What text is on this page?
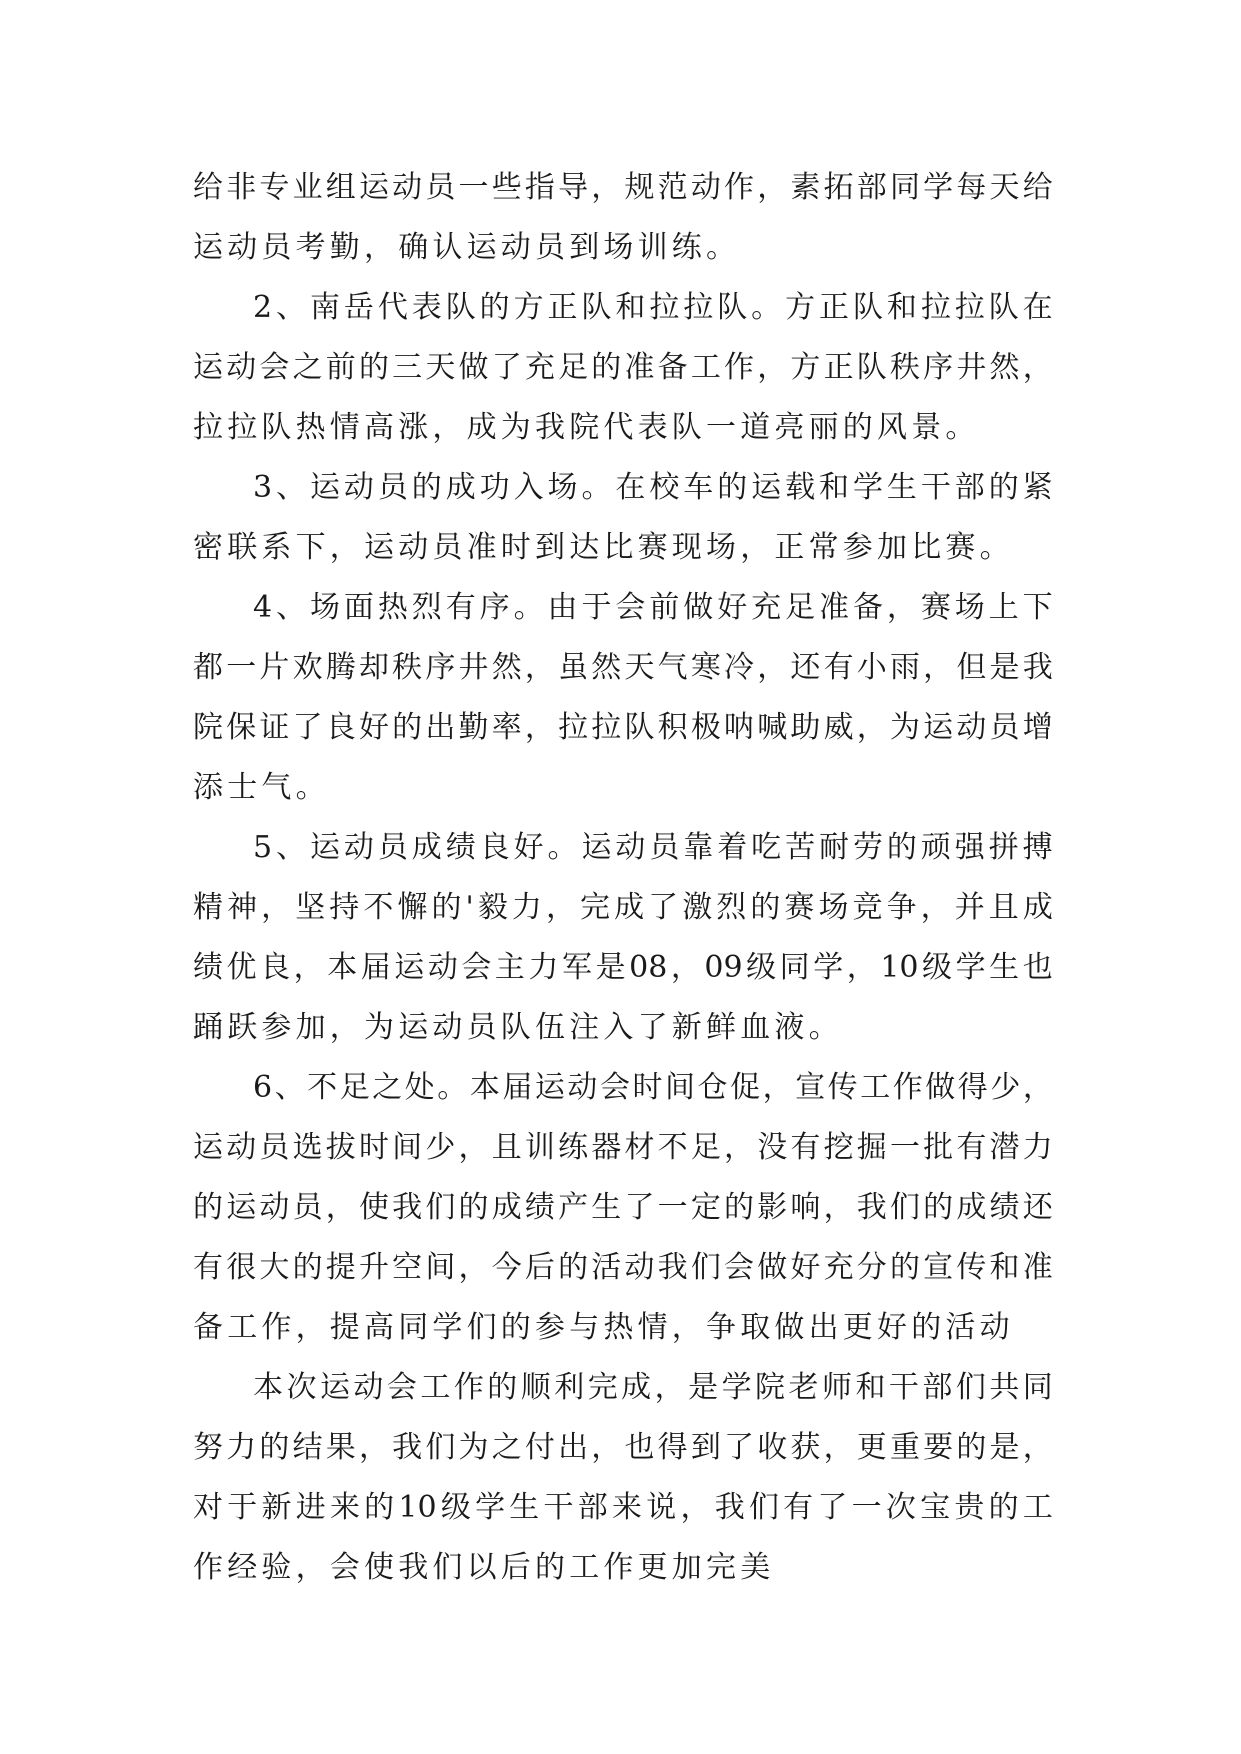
给 非 专 业 组 运 动 员 一 些 指 导 ， 规 范 动 作 ， 素 拓 部 同 学 每 天 给
运动员考勤，确认运动员到场训练。
2 、 南 岳 代 表 队 的 方 正 队 和 拉 拉 队 。 方 正 队 和 拉 拉 队 在
运 动 会 之 前 的 三 天 做 了 充 足 的 准 备 工 作 ， 方 正 队 秩 序 井 然 ，
拉拉队热情高涨，成为我院代表队一道亮丽的风景。
3 、 运 动 员 的 成 功 入 场 。 在 校 车 的 运 载 和 学 生 干 部 的 紧
密联系下，运动员准时到达比赛现场，正常参加比赛。
4 、 场 面 热 烈 有 序 。 由 于 会 前 做 好 充 足 准 备 ， 赛 场 上 下
都 一 片 欢 腾 却 秩 序 井 然 ， 虽 然 天 气 寒 冷 ， 还 有 小 雨 ， 但 是 我
院 保 证 了 良 好 的 出 勤 率 ， 拉 拉 队 积 极 呐 喊 助 威 ， 为 运 动 员 增
添士气。
5 、 运 动 员 成 绩 良 好 。 运 动 员 靠 着 吃 苦 耐 劳 的 顽 强 拼 搏
精 神 ， 坚 持 不 懈 的 ' 毅 力 ， 完 成 了 激 烈 的 赛 场 竞 争 ， 并 且 成
绩 优 良 ， 本 届 运 动 会 主 力 军 是 08 ， 09 级 同 学 ， 10 级 学 生 也
踊跃参加，为运动员队伍注入了新鲜血液。
6 、 不 足 之 处 。 本 届 运 动 会 时 间 仓 促 ， 宣 传 工 作 做 得 少 ，
运 动 员 选 拔 时 间 少 ， 且 训 练 器 材 不 足 ， 没 有 挖 掘 一 批 有 潜 力
的 运 动 员 ， 使 我 们 的 成 绩 产 生 了 一 定 的 影 响 ， 我 们 的 成 绩 还
有 很 大 的 提 升 空 间 ， 今 后 的 活 动 我 们 会 做 好 充 分 的 宣 传 和 准
备工作，提高同学们的参与热情，争取做出更好的活动
本 次 运 动 会 工 作 的 顺 利 完 成 ， 是 学 院 老 师 和 干 部 们 共 同
努 力 的 结 果 ， 我 们 为 之 付 出 ， 也 得 到 了 收 获 ， 更 重 要 的 是 ，
对 于 新 进 来 的 10 级 学 生 干 部 来 说 ， 我 们 有 了 一 次 宝 贵 的 工
作经验，会使我们以后的工作更加完美
